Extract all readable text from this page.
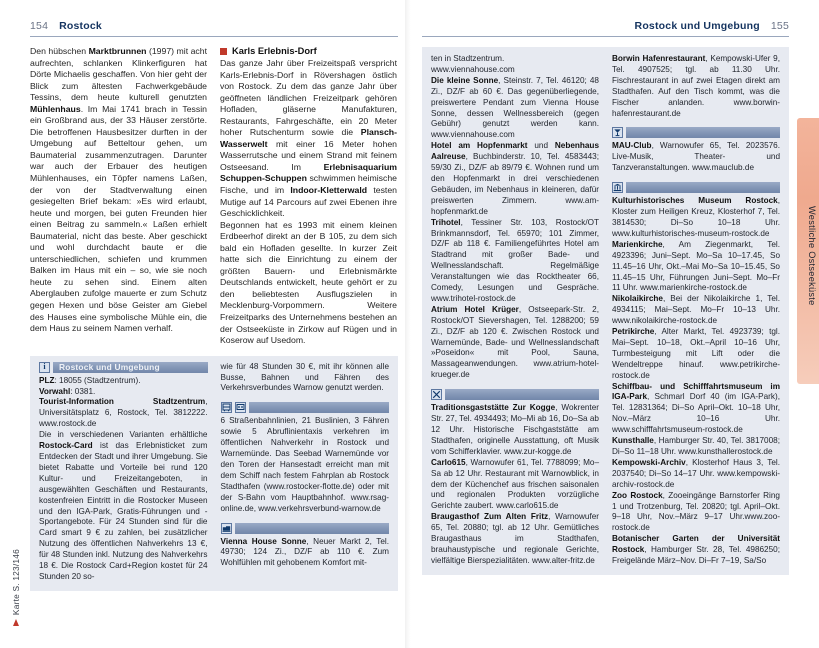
154 Rostock

Den hübschen Marktbrunnen (1997) mit acht aufrechten, schlanken Klinkerfiguren hat Dörte Michaelis geschaffen. Von hier geht der Blick zum ältesten Fachwerkgebäude Tessins, dem heute kulturell genutzten Mühlenhaus. Im Mai 1741 brach in Tessin ein Großbrand aus, der 33 Häuser zerstörte. Die betroffenen Hausbesitzer durften in der Umgebung auf Betteltour gehen, um Baumaterial zusammenzutragen. Darunter war auch der Erbauer des heutigen Mühlenhauses, ein Töpfer namens Laßen, der von der Stadtverwaltung einen gesiegelten Brief bekam: »Es wird erlaubt, heute und morgen, bei guten Freunden hier einen Beitrag zu sammeln.« Laßen erhielt Baumaterial, nicht das beste. Aber geschickt und wohl durchdacht baute er die unterschiedlichen, schiefen und krummen Balken im Haus mit ein – so, wie sie noch heute zu sehen sind. Einem alten Aberglauben zufolge mauerte er zum Schutz gegen Hexen und böse Geister am Giebel des Hauses eine symbolische Mühle ein, die dem Haus zu seinem Namen verhalf.

Karls Erlebnis-Dorf

Das ganze Jahr über Freizeitspaß verspricht Karls-Erlebnis-Dorf in Rövershagen östlich von Rostock. Zu dem das ganze Jahr über geöffneten ländlichen Freizeitpark gehören Hofladen, gläserne Manufakturen, Restaurants, Fahrgeschäfte, ein 20 Meter hoher Rutschenturm sowie die Plansch-Wasserwelt mit einer 16 Meter hohen Wasserrutsche und einem Strand mit feinem Ostseesand. Im Erlebnisaquarium Schuppen-Schuppen schwimmen heimische Fische, und im Indoor-Kletterwald testen Mutige auf 14 Parcours auf zwei Ebenen ihre Geschicklichkeit.

Begonnen hat es 1993 mit einem kleinen Erdbeerhof direkt an der B 105, zu dem sich bald ein Hofladen gesellte. In kurzer Zeit hatte sich die Einrichtung zu einem der größten Bauern- und Erlebnismärkte Deutschlands entwickelt, heute gehört er zu den beliebtesten Ausflugszielen in Mecklenburg-Vorpommern. Weitere Freizeitparks des Unternehmens bestehen an der Ostseeküste in Zirkow auf Rügen und in Koserow auf Usedom.

i	Rostock und Umgebung

PLZ: 18055 (Stadtzentrum).
Vorwahl: 0381.
Tourist-Information Stadtzentrum, Universitätsplatz 6, Rostock, Tel. 3812222. www.rostock.de

Die in verschiedenen Varianten erhältliche Rostock-Card ist das Erlebnisticket zum Entdecken der Stadt und ihrer Umgebung. Sie bietet Rabatte und Vorteile bei rund 120 Kultur- und Freizeitangeboten, in ausgewählten Geschäften und Restaurants, kostenfreien Eintritt in die Rostocker Museen und den IGA-Park, Gratis-Führungen und -Sportangebote. Für 24 Stunden sind für die Card smart 9 € zu zahlen, bei zusätzlicher Nutzung des öffentlichen Nahverkehrs 13 €, für 48 Stunden inkl. Nutzung des Nahverkehrs 18 €. Die Rostock Card+Region kostet für 24 Stunden 20 so-

wie für 48 Stunden 30 €, mit ihr können alle Busse, Bahnen und Fähren des Verkehrsverbundes Warnow genutzt werden.

6 Straßenbahnlinien, 21 Buslinien, 3 Fähren sowie 5 Abruflinientaxis verkehren im öffentlichen Nahverkehr in Rostock und Warnemünde. Das Seebad Warnemünde vor den Toren der Hansestadt erreicht man mit dem Schiff nach festem Fahrplan ab Rostock Stadthafen (www.rostocker-flotte.de) oder mit der S-Bahn vom Hauptbahnhof. www.rsag-online.de, www.verkehrsverbund-warnow.de

Vienna House Sonne, Neuer Markt 2, Tel. 49730; 124 Zi., DZ/F ab 110 €. Zum Wohlfühlen mit gehobenem Komfort mit-

Karte S. 123/146
Rostock und Umgebung 155

ten in Stadtzentrum.
www.viennahouse.com

Die kleine Sonne, Steinstr. 7, Tel. 46120; 48 Zi., DZ/F ab 60 €. Das gegenüberliegende, preiswertere Pendant zum Vienna House Sonne, dessen Wellnessbereich (gegen Gebühr) genutzt werden kann. www.viennahouse.com
Hotel am Hopfenmarkt und Nebenhaus Aalreuse, Buchbinderstr. 10, Tel. 4583443; 59/30 Zi., DZ/F ab 89/79 €. Wohnen rund um den Hopfenmarkt in drei verschiedenen Gebäuden, im Nebenhaus in kleineren, dafür preiswerten Zimmern. www.am-hopfenmarkt.de
Trihotel, Tessiner Str. 103, Rostock/OT Brinkmannsdorf, Tel. 65970; 101 Zimmer, DZ/F ab 118 €. Familiengeführtes Hotel am Stadtrand mit großer Bade- und Wellnesslandschaft. Regelmäßige Veranstaltungen wie das Rocktheater 66, Comedy, Lesungen und Gespräche. www.trihotel-rostock.de
Atrium Hotel Krüger, Ostseepark-Str. 2, Rostock/OT Sievershagen, Tel. 1288200; 59 Zi., DZ/F ab 120 €. Zwischen Rostock und Warnemünde, Bade- und Wellnesslandschaft »Poseidon« mit Pool, Sauna, Massageanwendungen. www.atrium-hotel-krueger.de

Traditionsgaststätte Zur Kogge, Wokrenter Str. 27, Tel. 4934493; Mo–Mi ab 16, Do–Sa ab 12 Uhr. Historische Fischgaststätte am Stadthafen, originelle Ausstattung, oft Musik vom Schifferklavier. www.zur-kogge.de
Carlo615, Warnowufer 61, Tel. 7788099; Mo–Sa ab 12 Uhr. Restaurant mit Warnowblick, in dem der Küchenchef aus frischen saisonalen und regionalen Produkten vorzügliche Gerichte zaubert. www.carlo615.de
Braugasthof Zum Alten Fritz, Warnowufer 65, Tel. 20880; tgl. ab 12 Uhr. Gemütliches Braugasthaus im Stadthafen, brauhaustypische und regionale Gerichte, vielfältige Bierspezialitäten. www.alter-fritz.de

Borwin Hafenrestaurant, Kempowski-Ufer 9, Tel. 4907525; tgl. ab 11.30 Uhr. Fischrestaurant in auf zwei Etagen direkt am Stadthafen. Auf den Tisch kommt, was die Fischer anlanden. www.borwin-hafenrestaurant.de

MAU-Club, Warnowufer 65, Tel. 2023576. Live-Musik, Theater- und Tanzveranstaltungen. www.mauclub.de

Kulturhistorisches Museum Rostock, Kloster zum Heiligen Kreuz, Klosterhof 7, Tel. 3814530; Di–So 10–18 Uhr. www.kulturhistorisches-museum-rostock.de
Marienkirche, Am Ziegenmarkt, Tel. 4923396; Juni–Sept. Mo–Sa 10–17.45, So 11.45–16 Uhr, Okt.–Mai Mo–Sa 10–15.45, So 11.45–15 Uhr, Führungen Juni–Sept. Mo–Fr 11 Uhr. www.marienkirche-rostock.de
Nikolaikirche, Bei der Nikolaikirche 1, Tel. 4934115; Mai–Sept. Mo–Fr 10–13 Uhr. www.nikolaikirche-rostock.de
Petrikirche, Alter Markt, Tel. 4923739; tgl. Mai–Sept. 10–18, Okt.–April 10–16 Uhr, Turmbesteigung mit Lift oder die Wendeltreppe hinauf. www.petrikirche-rostock.de
Schiffbau- und Schifffahrtsmuseum im IGA-Park, Schmarl Dorf 40 (im IGA-Park), Tel. 12831364; Di–So April–Okt. 10–18 Uhr, Nov.–März 10–16 Uhr. www.schifffahrtsmuseum-rostock.de
Kunsthalle, Hamburger Str. 40, Tel. 3817008; Di–So 11–18 Uhr. www.kunsthallerostock.de
Kempowski-Archiv, Klosterhof Haus 3, Tel. 2037540; Di–So 14–17 Uhr. www.kempowski-archiv-rostock.de
Zoo Rostock, Zooeingänge Barnstorfer Ring 1 und Trotzenburg, Tel. 20820; tgl. April–Okt. 9–18 Uhr, Nov.–März 9–17 Uhr.www.zoo-rostock.de
Botanischer Garten der Universität Rostock, Hamburger Str. 28, Tel. 4986250; Freigelände März–Nov. Di–Fr 7–19, Sa/So

Westliche Ostseeküste
